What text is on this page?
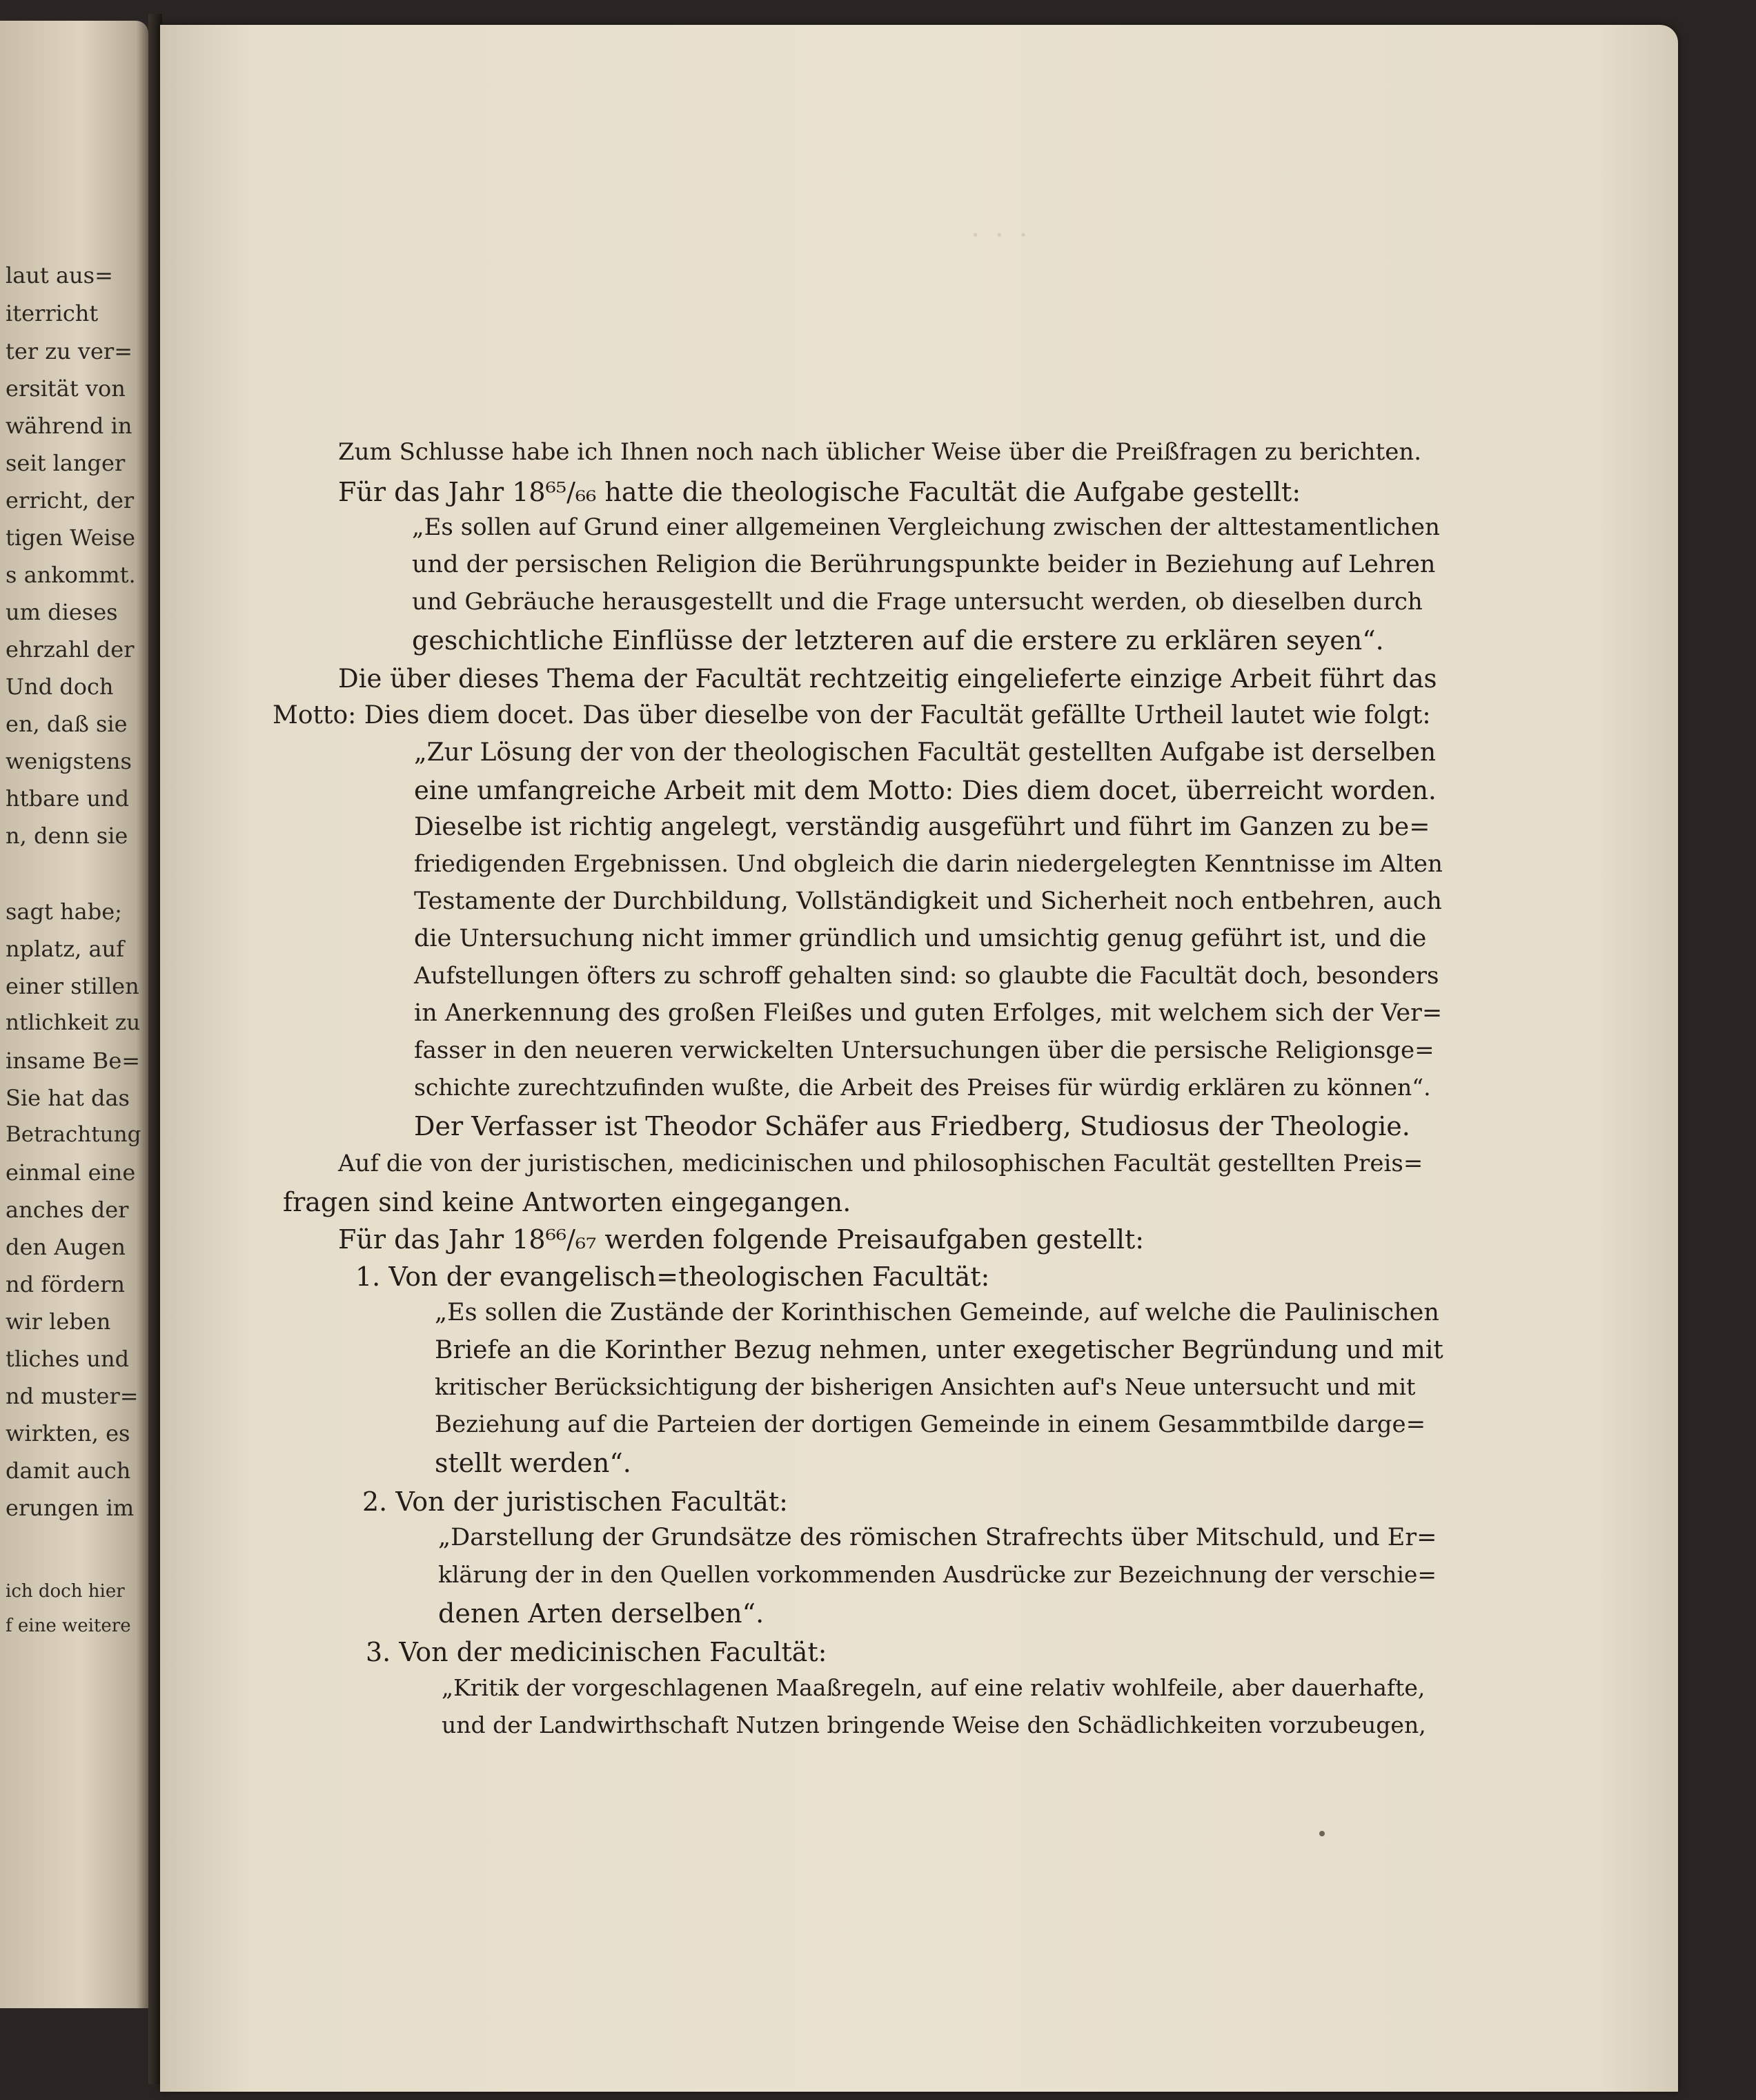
laut aus=
iterricht
ter zu ver=
ersität von
während in
seit langer
erricht, der
tigen Weise
s ankommt.
um dieses
ehrzahl der
Und doch
en, daß sie
wenigstens
htbare und
n, denn sie
sagt habe;
nplatz, auf
einer stillen
ntlichkeit zu
insame Be=
Sie hat das
Betrachtung
einmal eine
anches der
den Augen
nd fördern
wir leben
tliches und
nd muster=
wirkten, es
damit auch
erungen im
ich doch hier
f eine weitere
· · ·
Zum Schlusse habe ich Ihnen noch nach üblicher Weise über die Preißfragen zu berichten.
Für das Jahr 18⁶⁵/₆₆ hatte die theologische Facultät die Aufgabe gestellt:
„Es sollen auf Grund einer allgemeinen Vergleichung zwischen der alttestamentlichen
und der persischen Religion die Berührungspunkte beider in Beziehung auf Lehren
und Gebräuche herausgestellt und die Frage untersucht werden, ob dieselben durch
geschichtliche Einflüsse der letzteren auf die erstere zu erklären seyen“.
Die über dieses Thema der Facultät rechtzeitig eingelieferte einzige Arbeit führt das
Motto: Dies diem docet. Das über dieselbe von der Facultät gefällte Urtheil lautet wie folgt:
„Zur Lösung der von der theologischen Facultät gestellten Aufgabe ist derselben
eine umfangreiche Arbeit mit dem Motto: Dies diem docet, überreicht worden.
Dieselbe ist richtig angelegt, verständig ausgeführt und führt im Ganzen zu be=
friedigenden Ergebnissen. Und obgleich die darin niedergelegten Kenntnisse im Alten
Testamente der Durchbildung, Vollständigkeit und Sicherheit noch entbehren, auch
die Untersuchung nicht immer gründlich und umsichtig genug geführt ist, und die
Aufstellungen öfters zu schroff gehalten sind: so glaubte die Facultät doch, besonders
in Anerkennung des großen Fleißes und guten Erfolges, mit welchem sich der Ver=
fasser in den neueren verwickelten Untersuchungen über die persische Religionsge=
schichte zurechtzufinden wußte, die Arbeit des Preises für würdig erklären zu können“.
Der Verfasser ist Theodor Schäfer aus Friedberg, Studiosus der Theologie.
Auf die von der juristischen, medicinischen und philosophischen Facultät gestellten Preis=
fragen sind keine Antworten eingegangen.
Für das Jahr 18⁶⁶/₆₇ werden folgende Preisaufgaben gestellt:
1. Von der evangelisch=theologischen Facultät:
„Es sollen die Zustände der Korinthischen Gemeinde, auf welche die Paulinischen
Briefe an die Korinther Bezug nehmen, unter exegetischer Begründung und mit
kritischer Berücksichtigung der bisherigen Ansichten auf's Neue untersucht und mit
Beziehung auf die Parteien der dortigen Gemeinde in einem Gesammtbilde darge=
stellt werden“.
2. Von der juristischen Facultät:
„Darstellung der Grundsätze des römischen Strafrechts über Mitschuld, und Er=
klärung der in den Quellen vorkommenden Ausdrücke zur Bezeichnung der verschie=
denen Arten derselben“.
3. Von der medicinischen Facultät:
„Kritik der vorgeschlagenen Maaßregeln, auf eine relativ wohlfeile, aber dauerhafte,
und der Landwirthschaft Nutzen bringende Weise den Schädlichkeiten vorzubeugen,
